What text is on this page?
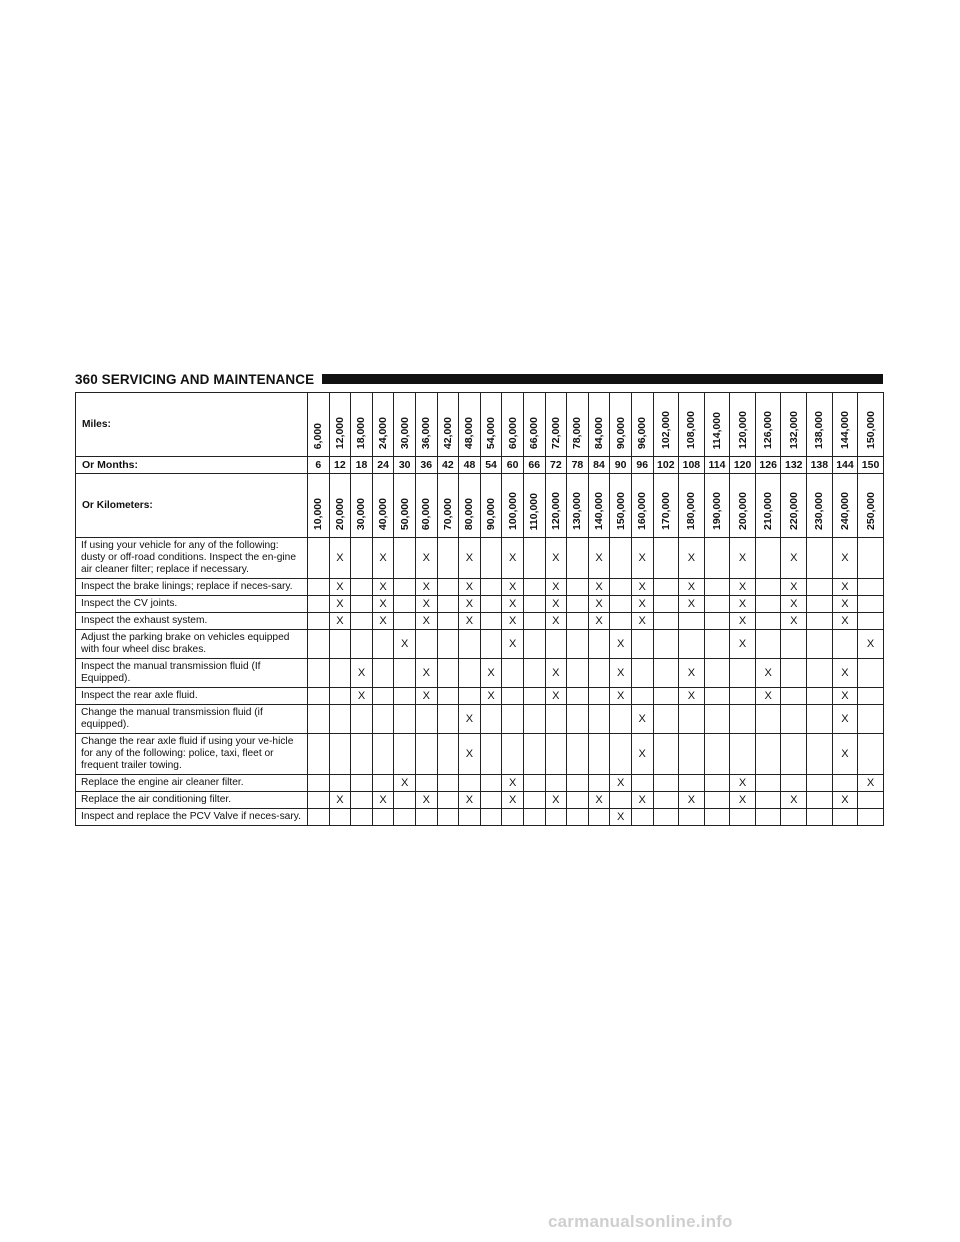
360 SERVICING AND MAINTENANCE
Miles:	6,000	12,000	18,000	24,000	30,000	36,000	42,000	48,000	54,000	60,000	66,000	72,000	78,000	84,000	90,000	96,000	102,000	108,000	114,000	120,000	126,000	132,000	138,000	144,000	150,000
Or Months:	6	12	18	24	30	36	42	48	54	60	66	72	78	84	90	96	102	108	114	120	126	132	138	144	150
Or Kilometers:	10,000	20,000	30,000	40,000	50,000	60,000	70,000	80,000	90,000	100,000	110,000	120,000	130,000	140,000	150,000	160,000	170,000	180,000	190,000	200,000	210,000	220,000	230,000	240,000	250,000
If using your vehicle for any of the following: dusty or off-road conditions. Inspect the en-gine air cleaner filter; replace if necessary.		X		X		X		X		X		X		X		X		X		X		X		X	
Inspect the brake linings; replace if neces-sary.		X		X		X		X		X		X		X		X		X		X		X		X	
Inspect the CV joints.		X		X		X		X		X		X		X		X		X		X		X		X	
Inspect the exhaust system.		X		X		X		X		X		X		X		X				X		X		X	
Adjust the parking brake on vehicles equipped with four wheel disc brakes.					X					X					X					X					X
Inspect the manual transmission fluid (If Equipped).			X			X			X			X			X			X			X			X	
Inspect the rear axle fluid.			X			X			X			X			X			X			X			X	
Change the manual transmission fluid (if equipped).								X								X								X	
Change the rear axle fluid if using your ve-hicle for any of the following: police, taxi, fleet or frequent trailer towing.								X								X								X	
Replace the engine air cleaner filter.					X					X					X					X					X
Replace the air conditioning filter.		X		X		X		X		X		X		X		X		X		X		X		X	
Inspect and replace the PCV Valve if neces-sary.															X										
carmanualsonline.info
